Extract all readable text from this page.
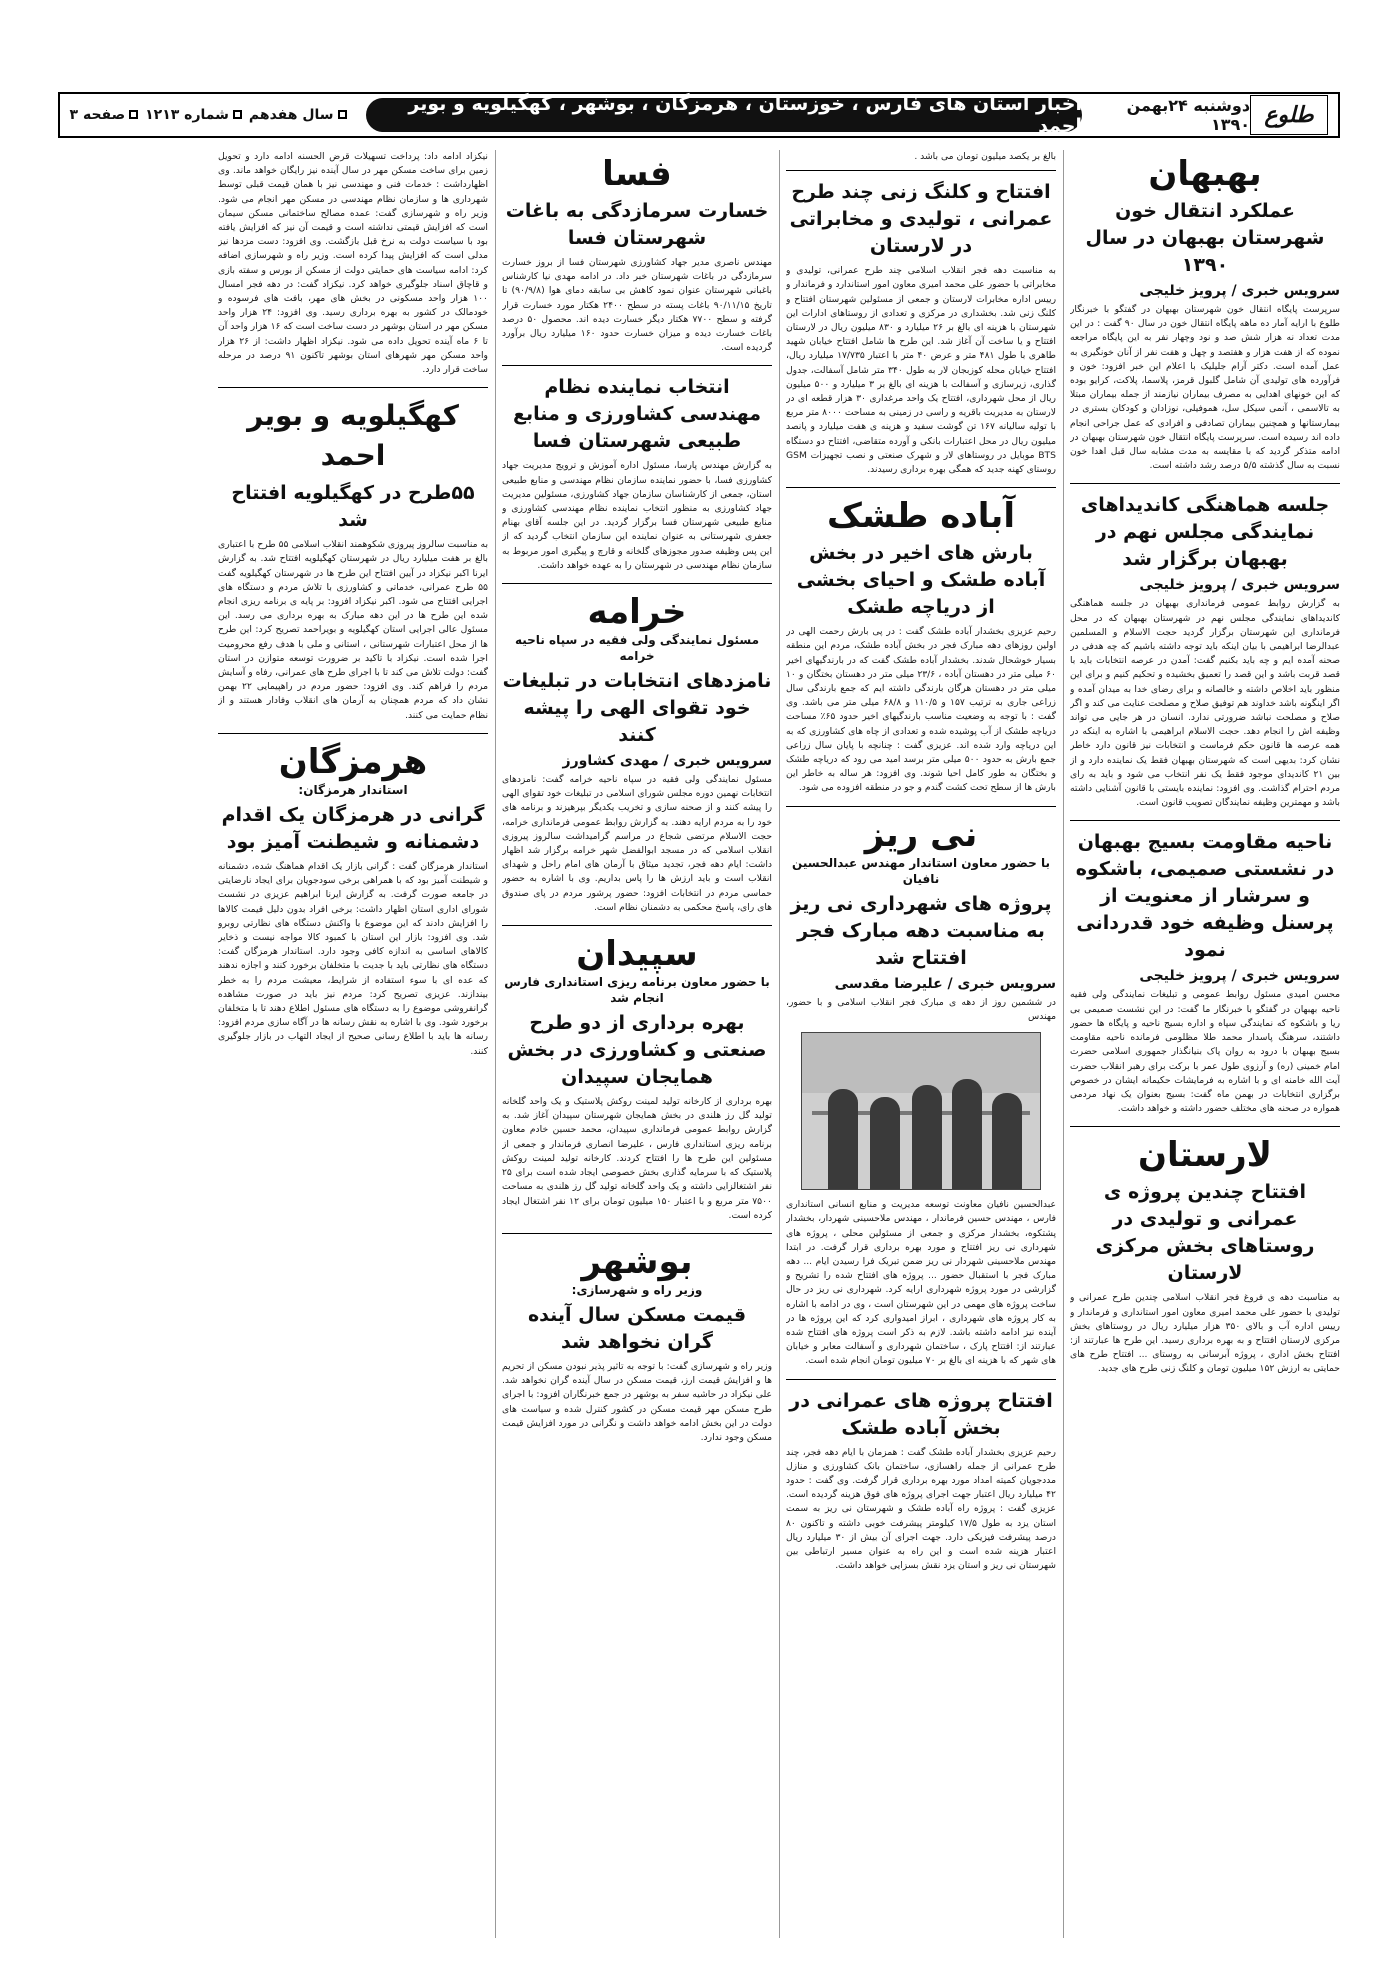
طلوع
دوشنبه ۲۴بهمن ۱۳۹۰
اخبار استان های فارس ، خوزستان ، هرمزگان ، بوشهر ، کهگیلویه و بویر احمد
سال هفدهم
شماره ۱۲۱۳
صفحه ۳
بهبهان
عملکرد انتقال خون شهرستان بهبهان در سال ۱۳۹۰
سرویس خبری / پرویز خلیجی
سرپرست پایگاه انتقال خون شهرستان بهبهان در گفتگو با خبرنگار طلوع با ارایه آمار ده ماهه پایگاه انتقال خون در سال ۹۰ گفت : در این مدت تعداد نه هزار شش صد و نود وچهار نفر به این پایگاه مراجعه نموده که از هفت هزار و هفتصد و چهل و هفت نفر از آنان خونگیری به عمل آمده است. دکتر آرام جلیلیک با اعلام این خبر افزود: خون و فرآورده های تولیدی آن شامل گلبول قرمز، پلاسما، پلاکت، کرایو بوده که این خونهای اهدایی به مصرف بیماران نیازمند از جمله بیماران مبتلا به تالاسمی ، آنمی سیکل سل، هموفیلی، نوزادان و کودکان بستری در بیمارستانها و همچنین بیماران تصادفی و افرادی که عمل جراحی انجام داده اند رسیده است. سرپرست پایگاه انتقال خون شهرستان بهبهان در ادامه متذکر گردید که با مقایسه به مدت مشابه سال قبل اهدا خون نسبت به سال گذشته ۵/۵ درصد رشد داشته است.
جلسه هماهنگی کاندیداهای نمایندگی مجلس نهم در بهبهان برگزار شد
سرویس خبری / پرویز خلیجی
به گزارش روابط عمومی فرمانداری بهبهان در جلسه هماهنگی کاندیداهای نمایندگی مجلس نهم در شهرستان بهبهان که در محل فرمانداری این شهرستان برگزار گردید حجت الاسلام و المسلمین عبدالرضا ابراهیمی با بیان اینکه باید توجه داشته باشیم که چه هدفی در صحنه آمده ایم و چه باید بکنیم گفت: آمدن در عرصه انتخابات باید با قصد قربت باشد و این قصد را تعمیق بخشیده و تحکیم کنیم و برای این منظور باید اخلاص داشته و خالصانه و برای رضای خدا به میدان آمده و اگر اینگونه باشد خداوند هم توفیق صلاح و مصلحت عنایت می کند و اگر صلاح و مصلحت نباشد ضرورتی ندارد. انسان در هر جایی می تواند وظیفه اش را انجام دهد. حجت الاسلام ابراهیمی با اشاره به اینکه در همه عرصه ها قانون حکم فرماست و انتخابات نیز قانون دارد خاطر نشان کرد: بدیهی است که شهرستان بهبهان فقط یک نماینده دارد و از بین ۲۱ کاندیدای موجود فقط یک نفر انتخاب می شود و باید به رای مردم احترام گذاشت. وی افزود: نماینده بایستی با قانون آشنایی داشته باشد و مهمترین وظیفه نمایندگان تصویب قانون است.
ناحیه مقاومت بسیج بهبهان در نشستی صمیمی، باشکوه و سرشار از معنویت از پرسنل وظیفه خود قدردانی نمود
سرویس خبری / پرویز خلیجی
محسن امیدی مسئول روابط عمومی و تبلیغات نمایندگی ولی فقیه ناحیه بهبهان در گفتگو با خبرنگار ما گفت: در این نشست صمیمی بی ریا و باشکوه که نمایندگی سپاه و اداره بسیج ناحیه و پایگاه ها حضور داشتند، سرهنگ پاسدار محمد طلا مظلومی فرمانده ناحیه مقاومت بسیج بهبهان با درود به روان پاک بنیانگذار جمهوری اسلامی حضرت امام خمینی (ره) و آرزوی طول عمر با برکت برای رهبر انقلاب حضرت آیت الله خامنه ای و با اشاره به فرمایشات حکیمانه ایشان در خصوص برگزاری انتخابات در بهمن ماه گفت: بسیج بعنوان یک نهاد مردمی همواره در صحنه های مختلف حضور داشته و خواهد داشت.
لارستان
افتتاح چندین پروژه ی عمرانی و تولیدی در روستاهای بخش مرکزی لارستان
به مناسبت دهه ی فروغ فجر انقلاب اسلامی چندین طرح عمرانی و تولیدی با حضور علی محمد امیری معاون امور استانداری و فرماندار و رییس اداره آب و بالای ۳۵۰ هزار میلیارد ریال در روستاهای بخش مرکزی لارستان افتتاح و به بهره برداری رسید. این طرح ها عبارتند از: افتتاح بخش اداری ، پروژه آبرسانی به روستای ... افتتاح طرح های حمایتی به ارزش ۱۵۲ میلیون تومان و کلنگ زنی طرح های جدید.
بالغ بر یکصد میلیون تومان می باشد .
افتتاح و کلنگ زنی چند طرح عمرانی ، تولیدی و مخابراتی در لارستان
به مناسبت دهه فجر انقلاب اسلامی چند طرح عمرانی، تولیدی و مخابراتی با حضور علی محمد امیری معاون امور استاندارد و فرماندار و رییس اداره مخابرات لارستان و جمعی از مسئولین شهرستان افتتاح و کلنگ زنی شد. بخشداری در مرکزی و تعدادی از روستاهای ادارات این شهرستان با هزینه ای بالغ بر ۲۶ میلیارد و ۸۳۰ میلیون ریال در لارستان افتتاح و یا ساخت آن آغاز شد. این طرح ها شامل افتتاح خیابان شهید طاهری با طول ۴۸۱ متر و عرض ۴۰ متر با اعتبار ۱۷/۷۳۵ میلیارد ریال، افتتاح خیابان محله کوزبجان لار به طول ۳۴۰ متر شامل آسفالت، جدول گذاری، زیرسازی و آسفالت با هزینه ای بالغ بر ۳ میلیارد و ۵۰۰ میلیون ریال از محل شهرداری، افتتاح یک واحد مرغداری ۳۰ هزار قطعه ای در لارستان به مدیریت باقریه و راسی در زمینی به مساحت ۸۰۰۰ متر مربع با تولیه سالیانه ۱۶۷ تن گوشت سفید و هزینه ی هفت میلیارد و پانصد میلیون ریال در محل اعتبارات بانکی و آورده متقاضی، افتتاح دو دستگاه BTS موبایل در روستاهای لار و شهرک صنعتی و نصب تجهیزات GSM روستای کهنه جدید که همگی بهره برداری رسیدند.
آباده طشک
بارش های اخیر در بخش آباده طشک و احیای بخشی از دریاچه طشک
رحیم عزیزی بخشدار آباده طشک گفت : در پی بارش رحمت الهی در اولین روزهای دهه مبارک فجر در بخش آباده طشک، مردم این منطقه بسیار خوشحال شدند. بخشدار آباده طشک گفت که در بارندگیهای اخیر ۶۰ میلی متر در دهستان آباده ، ۲۳/۶ میلی متر در دهستان بختگان و ۱۰ میلی متر در دهستان هرگان بارندگی داشته ایم که جمع بارندگی سال زراعی جاری به ترتیب ۱۵۷ و ۱۱۰/۵ و ۶۸/۸ میلی متر می باشد. وی گفت : با توجه به وضعیت مناسب بارندگیهای اخیر حدود ۶۵٪ مساحت دریاچه طشک از آب پوشیده شده و تعدادی از چاه های کشاورزی که به این دریاچه وارد شده اند. عزیزی گفت : چنانچه با پایان سال زراعی جمع بارش به حدود ۵۰۰ میلی متر برسد امید می رود که دریاچه طشک و بختگان به طور کامل احیا شوند. وی افزود: هر ساله به خاطر این بارش ها از سطح تحت کشت گندم و جو در منطقه افزوده می شود.
نی ریز
با حضور معاون استاندار مهندس عبدالحسین نافیان
پروژه های شهرداری نی ریز به مناسبت دهه مبارک فجر افتتاح شد
سرویس خبری / علیرضا مقدسی
در ششمین روز از دهه ی مبارک فجر انقلاب اسلامی و با حضور، مهندس
عبدالحسین نافیان معاونت توسعه مدیریت و منابع انسانی استانداری فارس ، مهندس حسین فرماندار ، مهندس ملاحسینی شهردار، بخشدار پشتکوه، بخشدار مرکزی و جمعی از مسئولین محلی ، پروژه های شهرداری نی ریز افتتاح و مورد بهره برداری قرار گرفت. در ابتدا مهندس ملاحسینی شهردار نی ریز ضمن تبریک فرا رسیدن ایام ... دهه مبارک فجر با استقبال حضور ... پروژه های افتتاح شده را تشریح و گزارشی در مورد پروژه شهرداری ارایه کرد. شهرداری نی ریز در حال ساخت پروژه های مهمی در این شهرستان است ، وی در ادامه با اشاره به کار پروژه های شهرداری ، ابراز امیدواری کرد که این پروژه ها در آینده نیز ادامه داشته باشد. لازم به ذکر است پروژه های افتتاح شده عبارتند از: افتتاح پارک ، ساختمان شهرداری و آسفالت معابر و خیابان های شهر که با هزینه ای بالغ بر ۷۰ میلیون تومان انجام شده است.
افتتاح پروژه های عمرانی در بخش آباده طشک
رحیم عزیزی بخشدار آباده طشک گفت : همزمان با ایام دهه فجر، چند طرح عمرانی از جمله راهسازی، ساختمان بانک کشاورزی و منازل مددجویان کمیته امداد مورد بهره برداری قرار گرفت. وی گفت : حدود ۴۲ میلیارد ریال اعتبار جهت اجرای پروژه های فوق هزینه گردیده است. عزیزی گفت : پروژه راه آباده طشک و شهرستان نی ریز به سمت استان یزد به طول ۱۷/۵ کیلومتر پیشرفت خوبی داشته و تاکنون ۸۰ درصد پیشرفت فیزیکی دارد. جهت اجرای آن بیش از ۳۰ میلیارد ریال اعتبار هزینه شده است و این راه به عنوان مسیر ارتباطی بین شهرستان نی ریز و استان یزد نقش بسزایی خواهد داشت.
فسا
خسارت سرمازدگی به باغات شهرستان فسا
مهندس ناصری مدیر جهاد کشاورزی شهرستان فسا از بروز خسارت سرمازدگی در باغات شهرستان خبر داد. در ادامه مهدی نیا کارشناس باغبانی شهرستان عنوان نمود کاهش بی سابقه دمای هوا (۹۰/۹/۸) تا تاریخ ۹۰/۱۱/۱۵ باغات پسته در سطح ۲۴۰۰ هکتار مورد خسارت قرار گرفته و سطح ۷۷۰۰ هکتار دیگر خسارت دیده اند. محصول ۵۰ درصد باغات خسارت دیده و میزان خسارت حدود ۱۶۰ میلیارد ریال برآورد گردیده است.
انتخاب نماینده نظام مهندسی کشاورزی و منابع طبیعی شهرستان فسا
به گزارش مهندس پارسا، مسئول اداره آموزش و ترویج مدیریت جهاد کشاورزی فسا، با حضور نماینده سازمان نظام مهندسی و منابع طبیعی استان، جمعی از کارشناسان سازمان جهاد کشاورزی، مسئولین مدیریت جهاد کشاورزی به منظور انتخاب نماینده نظام مهندسی کشاورزی و منابع طبیعی شهرستان فسا برگزار گردید. در این جلسه آقای بهنام جعفری شهرستانی به عنوان نماینده این سازمان انتخاب گردید که از این پس وظیفه صدور مجوزهای گلخانه و قارچ و پیگیری امور مربوط به سازمان نظام مهندسی در شهرستان را به عهده خواهد داشت.
خرامه
مسئول نمایندگی ولی فقیه در سپاه ناحیه خرامه
نامزدهای انتخابات در تبلیغات خود تقوای الهی را پیشه کنند
سرویس خبری / مهدی کشاورز
مسئول نمایندگی ولی فقیه در سپاه ناحیه خرامه گفت: نامزدهای انتخابات نهمین دوره مجلس شورای اسلامی در تبلیغات خود تقوای الهی را پیشه کنند و از صحنه سازی و تخریب یکدیگر بپرهیزند و برنامه های خود را به مردم ارایه دهند. به گزارش روابط عمومی فرمانداری خرامه، حجت الاسلام مرتضی شجاع در مراسم گرامیداشت سالروز پیروزی انقلاب اسلامی که در مسجد ابوالفضل شهر خرامه برگزار شد اظهار داشت: ایام دهه فجر، تجدید میثاق با آرمان های امام راحل و شهدای انقلاب است و باید ارزش ها را پاس بداریم. وی با اشاره به حضور حماسی مردم در انتخابات افزود: حضور پرشور مردم در پای صندوق های رای، پاسخ محکمی به دشمنان نظام است.
سپیدان
با حضور معاون برنامه ریزی استانداری فارس انجام شد
بهره برداری از دو طرح صنعتی و کشاورزی در بخش همایجان سپیدان
بهره برداری از کارخانه تولید لمینت روکش پلاستیک و یک واحد گلخانه تولید گل رز هلندی در بخش همایجان شهرستان سپیدان آغاز شد. به گزارش روابط عمومی فرمانداری سپیدان، محمد حسین خادم معاون برنامه ریزی استانداری فارس ، علیرضا انصاری فرماندار و جمعی از مسئولین این طرح ها را افتتاح کردند. کارخانه تولید لمینت روکش پلاستیک که با سرمایه گذاری بخش خصوصی ایجاد شده است برای ۲۵ نفر اشتغالزایی داشته و یک واحد گلخانه تولید گل رز هلندی به مساحت ۷۵۰۰ متر مربع و با اعتبار ۱۵۰ میلیون تومان برای ۱۲ نفر اشتغال ایجاد کرده است.
بوشهر
وزیر راه و شهرسازی:
قیمت مسکن سال آینده گران نخواهد شد
وزیر راه و شهرسازی گفت: با توجه به تاثیر پذیر نبودن مسکن از تحریم ها و افزایش قیمت ارز، قیمت مسکن در سال آینده گران نخواهد شد. علی نیکزاد در حاشیه سفر به بوشهر در جمع خبرنگاران افزود: با اجرای طرح مسکن مهر قیمت مسکن در کشور کنترل شده و سیاست های دولت در این بخش ادامه خواهد داشت و نگرانی در مورد افزایش قیمت مسکن وجود ندارد.
نیکزاد ادامه داد: پرداخت تسهیلات قرض الحسنه ادامه دارد و تحویل زمین برای ساخت مسکن مهر در سال آینده نیز رایگان خواهد ماند. وی اظهارداشت : خدمات فنی و مهندسی نیز با همان قیمت قبلی توسط شهرداری ها و سازمان نظام مهندسی در مسکن مهر انجام می شود. وزیر راه و شهرسازی گفت: عمده مصالح ساختمانی مسکن سیمان است که افزایش قیمتی نداشته است و قیمت آن نیز که افزایش یافته بود با سیاست دولت به نرخ قبل بازگشت. وی افزود: دست مزدها نیز مدلی است که افزایش پیدا کرده است. وزیر راه و شهرسازی اضافه کرد: ادامه سیاست های حمایتی دولت از مسکن از بورس و سفته بازی و قاچاق اسناد جلوگیری خواهد کرد. نیکزاد گفت: در دهه فجر امسال ۱۰۰ هزار واحد مسکونی در بخش های مهر، بافت های فرسوده و خودمالک در کشور به بهره برداری رسید. وی افزود: ۲۴ هزار واحد مسکن مهر در استان بوشهر در دست ساخت است که ۱۶ هزار واحد آن تا ۶ ماه آینده تحویل داده می شود. نیکزاد اظهار داشت: از ۲۶ هزار واحد مسکن مهر شهرهای استان بوشهر تاکنون ۹۱ درصد در مرحله ساخت قرار دارد.
کهگیلویه و بویر احمد
۵۵طرح در کهگیلویه افتتاح شد
به مناسبت سالروز پیروزی شکوهمند انقلاب اسلامی ۵۵ طرح با اعتباری بالغ بر هفت میلیارد ریال در شهرستان کهگیلویه افتتاح شد. به گزارش ایرنا اکبر نیکزاد در آیین افتتاح این طرح ها در شهرستان کهگیلویه گفت ۵۵ طرح عمرانی، خدماتی و کشاورزی با تلاش مردم و دستگاه های اجرایی افتتاح می شود. اکبر نیکزاد افزود: بر پایه ی برنامه ریزی انجام شده این طرح ها در این دهه مبارک به بهره برداری می رسد. این مسئول عالی اجرایی استان کهگیلویه و بویراحمد تصریح کرد: این طرح ها از محل اعتبارات شهرستانی ، استانی و ملی با هدف رفع محرومیت اجرا شده است. نیکزاد با تاکید بر ضرورت توسعه متوازن در استان گفت: دولت تلاش می کند تا با اجرای طرح های عمرانی، رفاه و آسایش مردم را فراهم کند. وی افزود: حضور مردم در راهپیمایی ۲۲ بهمن نشان داد که مردم همچنان به آرمان های انقلاب وفادار هستند و از نظام حمایت می کنند.
هرمزگان
استاندار هرمزگان:
گرانی در هرمزگان یک اقدام دشمنانه و شیطنت آمیز بود
استاندار هرمزگان گفت : گرانی بازار یک اقدام هماهنگ شده، دشمنانه و شیطنت آمیز بود که با همراهی برخی سودجویان برای ایجاد نارضایتی در جامعه صورت گرفت. به گزارش ایرنا ابراهیم عزیزی در نشست شورای اداری استان اظهار داشت: برخی افراد بدون دلیل قیمت کالاها را افزایش دادند که این موضوع با واکنش دستگاه های نظارتی روبرو شد. وی افزود: بازار این استان با کمبود کالا مواجه نیست و ذخایر کالاهای اساسی به اندازه کافی وجود دارد. استاندار هرمزگان گفت: دستگاه های نظارتی باید با جدیت با متخلفان برخورد کنند و اجازه ندهند که عده ای با سوء استفاده از شرایط، معیشت مردم را به خطر بیندازند. عزیزی تصریح کرد: مردم نیز باید در صورت مشاهده گرانفروشی موضوع را به دستگاه های مسئول اطلاع دهند تا با متخلفان برخورد شود. وی با اشاره به نقش رسانه ها در آگاه سازی مردم افزود: رسانه ها باید با اطلاع رسانی صحیح از ایجاد التهاب در بازار جلوگیری کنند.
